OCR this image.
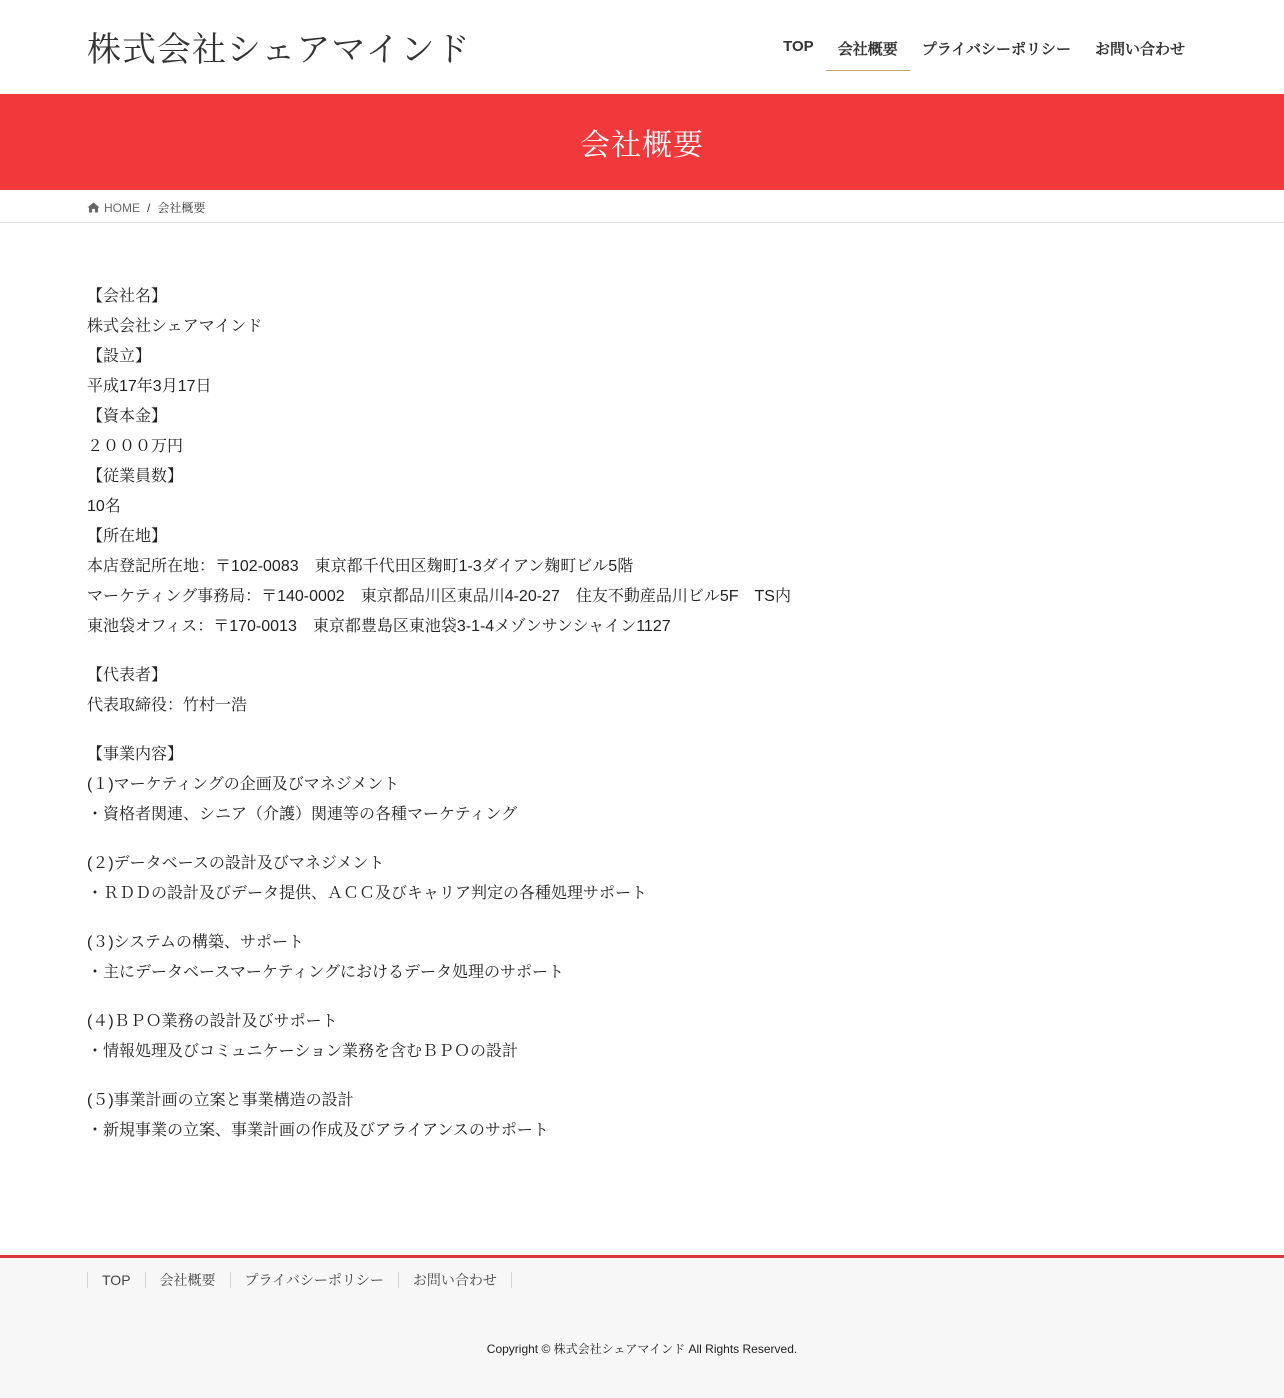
株式会社シェアマインド	TOP	会社概要	プライバシーポリシー	お問い合わせ
会社概要
HOME / 会社概要

【会社名】

株式会社シェアマインド

【設立】

平成17年3月17日

【資本金】

２０００万円

【従業員数】

10名

【所在地】

本店登記所在地：〒102-0083　東京都千代田区麹町1-3ダイアン麹町ビル5階

マーケティング事務局：〒140-0002　東京都品川区東品川4-20-27　住友不動産品川ビル5F　TS内

東池袋オフィス：〒170-0013　東京都豊島区東池袋3-1-4メゾンサンシャイン1127

【代表者】

代表取締役：竹村一浩

【事業内容】

(１)マーケティングの企画及びマネジメント

・資格者関連、シニア（介護）関連等の各種マーケティング

(２)データベースの設計及びマネジメント

・ＲＤＤの設計及びデータ提供、ＡＣＣ及びキャリア判定の各種処理サポート

(３)システムの構築、サポート

・主にデータベースマーケティングにおけるデータ処理のサポート

(４)ＢＰＯ業務の設計及びサポート

・情報処理及びコミュニケーション業務を含むＢＰＯの設計

(５)事業計画の立案と事業構造の設計

・新規事業の立案、事業計画の作成及びアライアンスのサポート

TOP	会社概要	プライバシーポリシー	お問い合わせ
Copyright © 株式会社シェアマインド All Rights Reserved.
